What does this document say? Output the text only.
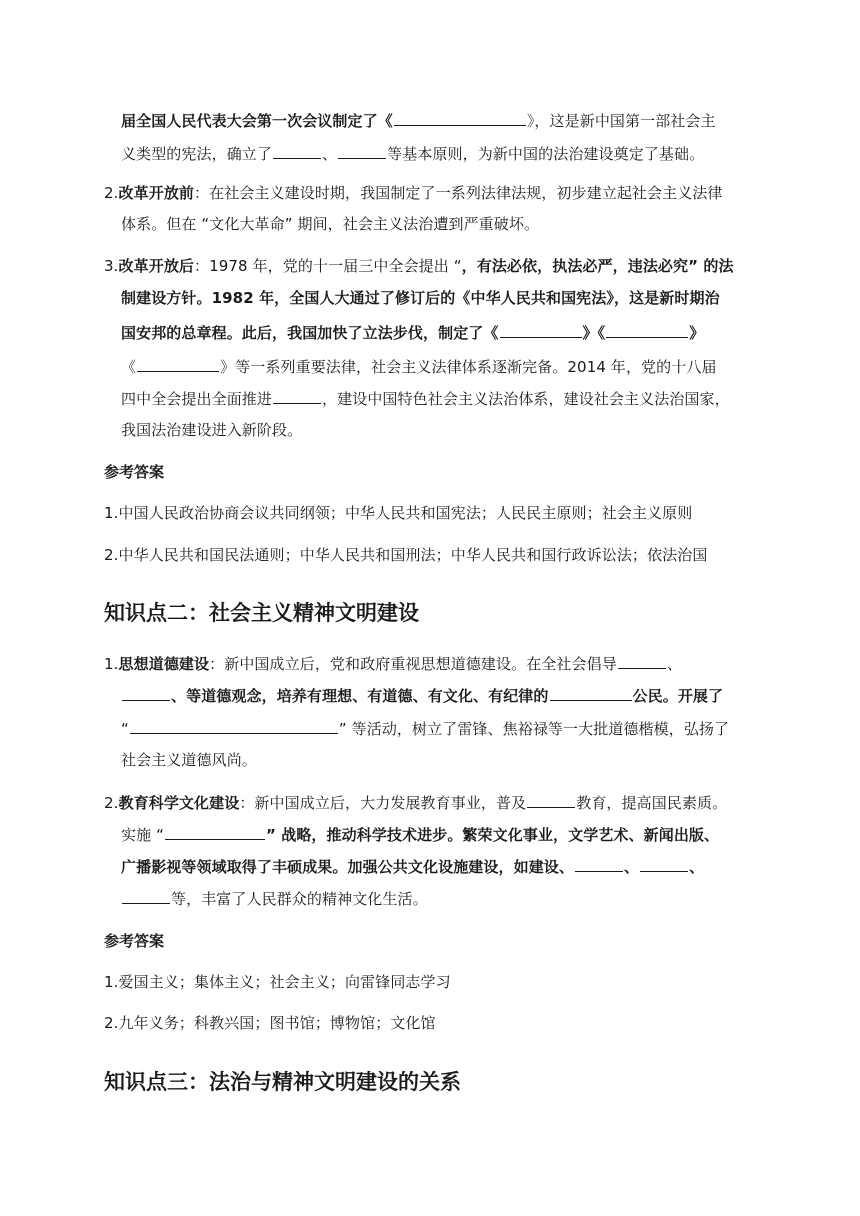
届全国人民代表大会第一次会议制定了《	》，这是新中国第一部社会主
义类型的宪法，确立了	、	等基本原则，为新中国的法治建设奠定了基础。
2.改革开放前：在社会主义建设时期，我国制定了一系列法律法规，初步建立起社会主义法律
体系。但在 “文化大革命” 期间，社会主义法治遭到严重破坏。
3.改革开放后：1978 年，党的十一届三中全会提出 “，有法必依，执法必严，违法必究” 的法
制建设方针。1982 年，全国人大通过了修订后的《中华人民共和国宪法》，这是新时期治
国安邦的总章程。此后，我国加快了立法步伐，制定了《	》《	》
《	》等一系列重要法律，社会主义法律体系逐渐完备。2014 年，党的十八届
四中全会提出全面推进	，建设中国特色社会主义法治体系，建设社会主义法治国家，
我国法治建设进入新阶段。
参考答案
1.中国人民政治协商会议共同纲领；中华人民共和国宪法；人民民主原则；社会主义原则
2.中华人民共和国民法通则；中华人民共和国刑法；中华人民共和国行政诉讼法；依法治国
知识点二：社会主义精神文明建设
1.思想道德建设：新中国成立后，党和政府重视思想道德建设。在全社会倡导	、
、等道德观念，培养有理想、有道德、有文化、有纪律的	公民。开展了
“	” 等活动，树立了雷锋、焦裕禄等一大批道德楷模，弘扬了
社会主义道德风尚。
2.教育科学文化建设：新中国成立后，大力发展教育事业，普及	教育，提高国民素质。
实施 “	” 战略，推动科学技术进步。繁荣文化事业，文学艺术、新闻出版、
广播影视等领域取得了丰硕成果。加强公共文化设施建设，如建设、	、	、
等，丰富了人民群众的精神文化生活。
参考答案
1.爱国主义；集体主义；社会主义；向雷锋同志学习
2.九年义务；科教兴国；图书馆；博物馆；文化馆
知识点三：法治与精神文明建设的关系
